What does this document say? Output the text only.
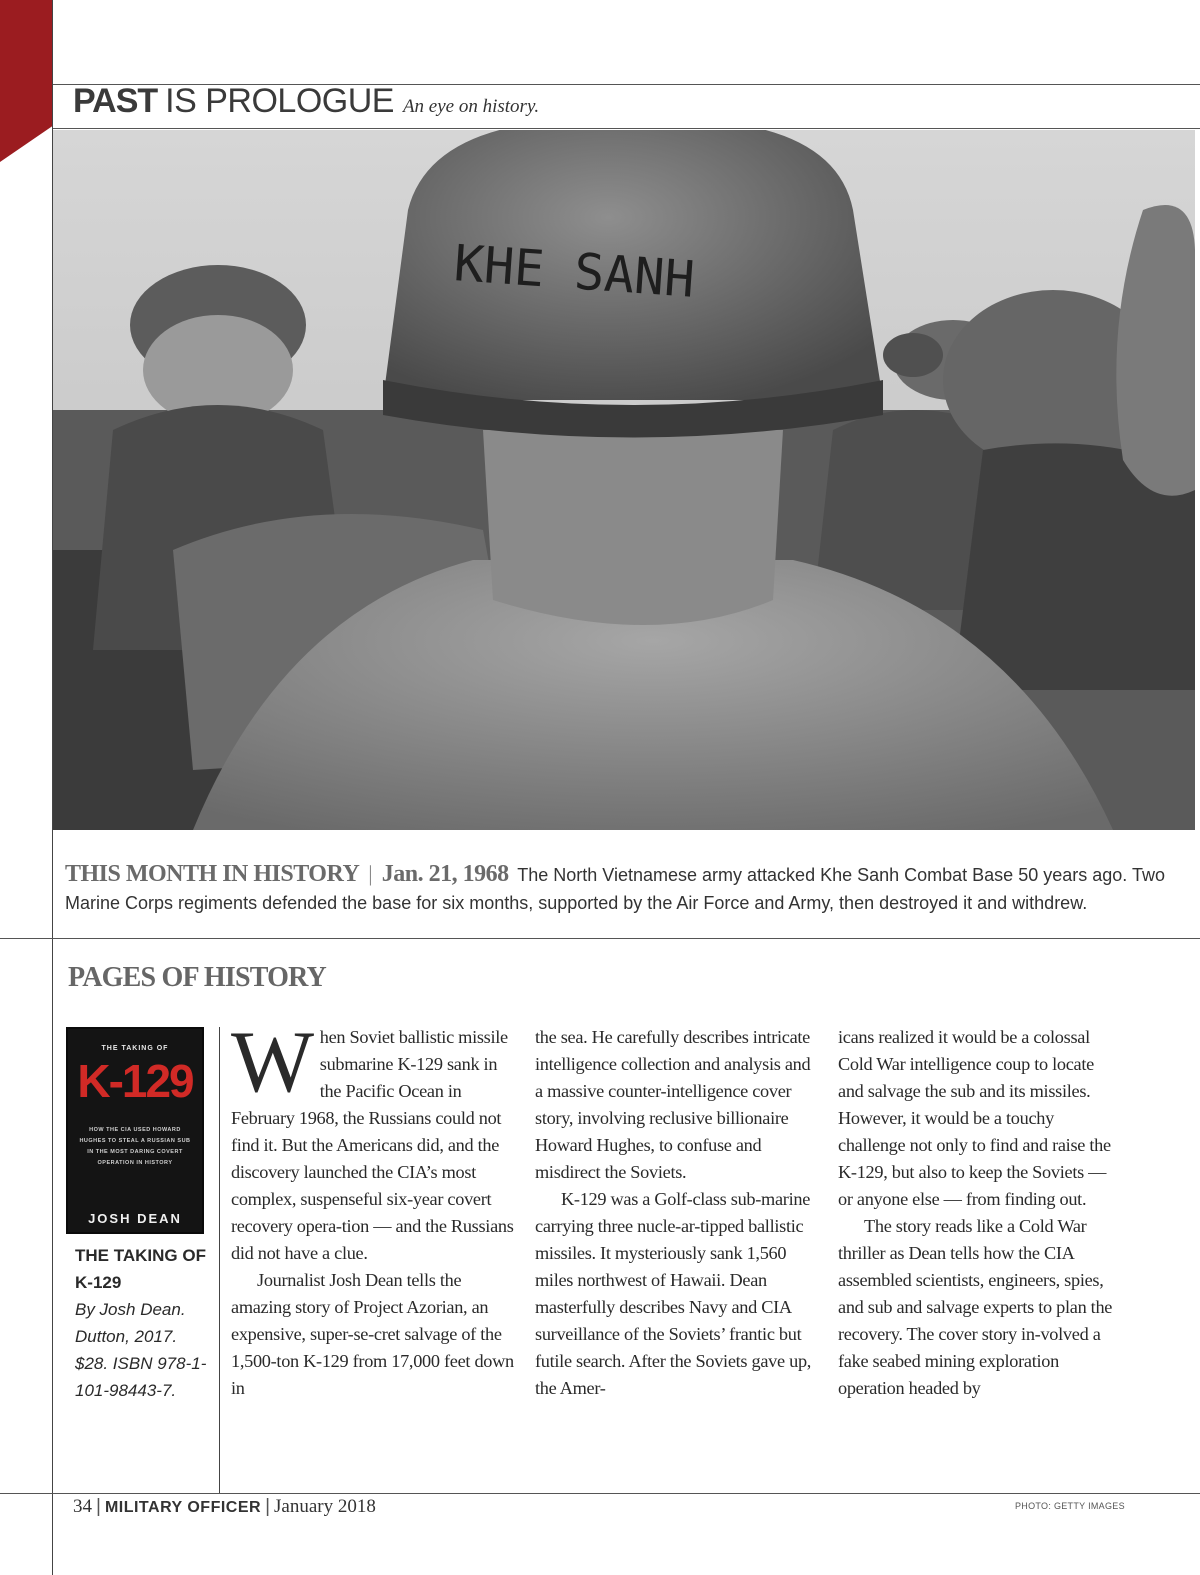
PAST IS PROLOGUE An eye on history.
KHE SANH
THIS MONTH IN HISTORY | Jan. 21, 1968 The North Vietnamese army attacked Khe Sanh Combat Base 50 years ago. Two Marine Corps regiments defended the base for six months, supported by the Air Force and Army, then destroyed it and withdrew.
PAGES OF HISTORY
THE TAKING OF
K-129
HOW THE CIA USED HOWARD HUGHES TO STEAL A RUSSIAN SUB IN THE MOST DARING COVERT OPERATION IN HISTORY
JOSH DEAN
THE TAKING OF K-129
By Josh Dean. Dutton, 2017. $28. ISBN 978-1-101-98443-7.

When Soviet ballistic missile submarine K-129 sank in the Pacific Ocean in February 1968, the Russians could not find it. But the Americans did, and the discovery launched the CIA’s most complex, suspenseful six-year covert recovery opera-tion — and the Russians did not have a clue.

Journalist Josh Dean tells the amazing story of Project Azorian, an expensive, super-se-cret salvage of the 1,500-ton K-129 from 17,000 feet down in

the sea. He carefully describes intricate intelligence collection and analysis and a massive counter-intelligence cover story, involving reclusive billionaire Howard Hughes, to confuse and misdirect the Soviets.

K-129 was a Golf-class sub-marine carrying three nucle-ar-tipped ballistic missiles. It mysteriously sank 1,560 miles northwest of Hawaii. Dean masterfully describes Navy and CIA surveillance of the Soviets’ frantic but futile search. After the Soviets gave up, the Amer-

icans realized it would be a colossal Cold War intelligence coup to locate and salvage the sub and its missiles. However, it would be a touchy challenge not only to find and raise the K-129, but also to keep the Soviets — or anyone else — from finding out.

The story reads like a Cold War thriller as Dean tells how the CIA assembled scientists, engineers, spies, and sub and salvage experts to plan the recovery. The cover story in-volved a fake seabed mining exploration operation headed by

34 | MILITARY OFFICER | January 2018	PHOTO: GETTY IMAGES
